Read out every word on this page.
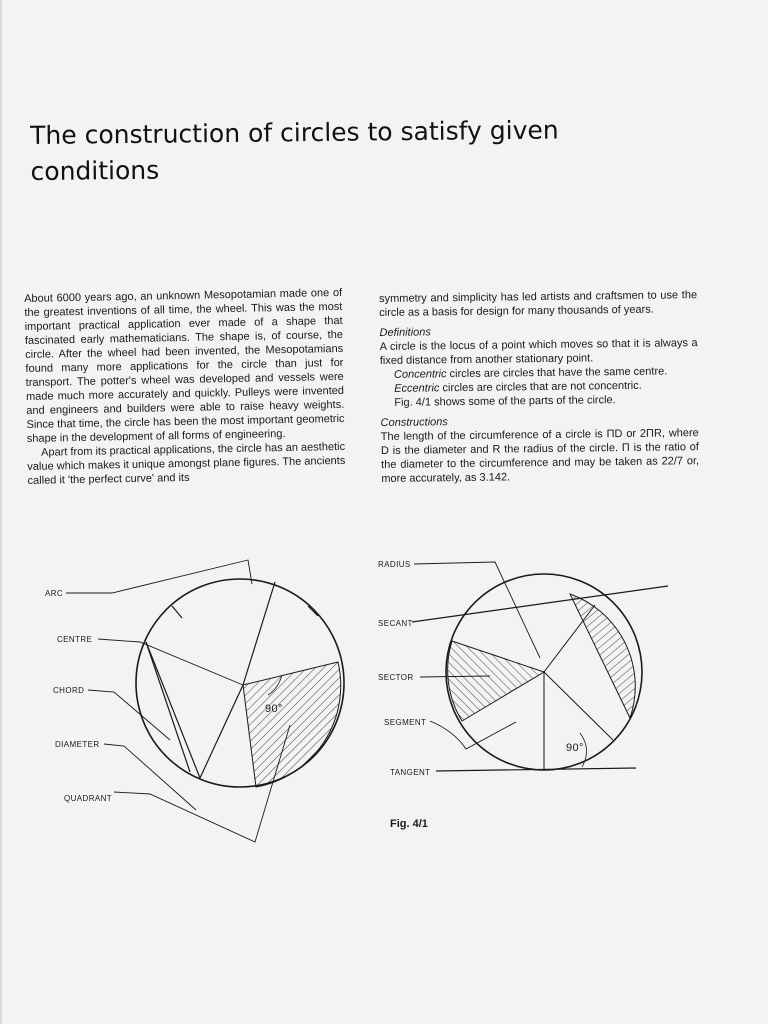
The construction of circles to satisfy given conditions

About 6000 years ago, an unknown Mesopotamian made one of the greatest inventions of all time, the wheel. This was the most important practical application ever made of a shape that fascinated early mathematicians. The shape is, of course, the circle. After the wheel had been invented, the Mesopotamians found many more applications for the circle than just for transport. The potter's wheel was developed and vessels were made much more accurately and quickly. Pulleys were invented and engineers and builders were able to raise heavy weights. Since that time, the circle has been the most important geometric shape in the development of all forms of engineering.

Apart from its practical applications, the circle has an aesthetic value which makes it unique amongst plane figures. The ancients called it 'the perfect curve' and its

symmetry and simplicity has led artists and craftsmen to use the circle as a basis for design for many thousands of years.

Definitions

A circle is the locus of a point which moves so that it is always a fixed distance from another stationary point.

Concentric circles are circles that have the same centre.

Eccentric circles are circles that are not concentric.

Fig. 4/1 shows some of the parts of the circle.

Constructions

The length of the circumference of a circle is ΠD or 2ΠR, where D is the diameter and R the radius of the circle. Π is the ratio of the diameter to the circumference and may be taken as 22/7 or, more accurately, as 3.142.

ARC
CENTRE
CHORD
DIAMETER
QUADRANT
90°
RADIUS
SECANT
SECTOR
SEGMENT
TANGENT
90°
Fig. 4/1
